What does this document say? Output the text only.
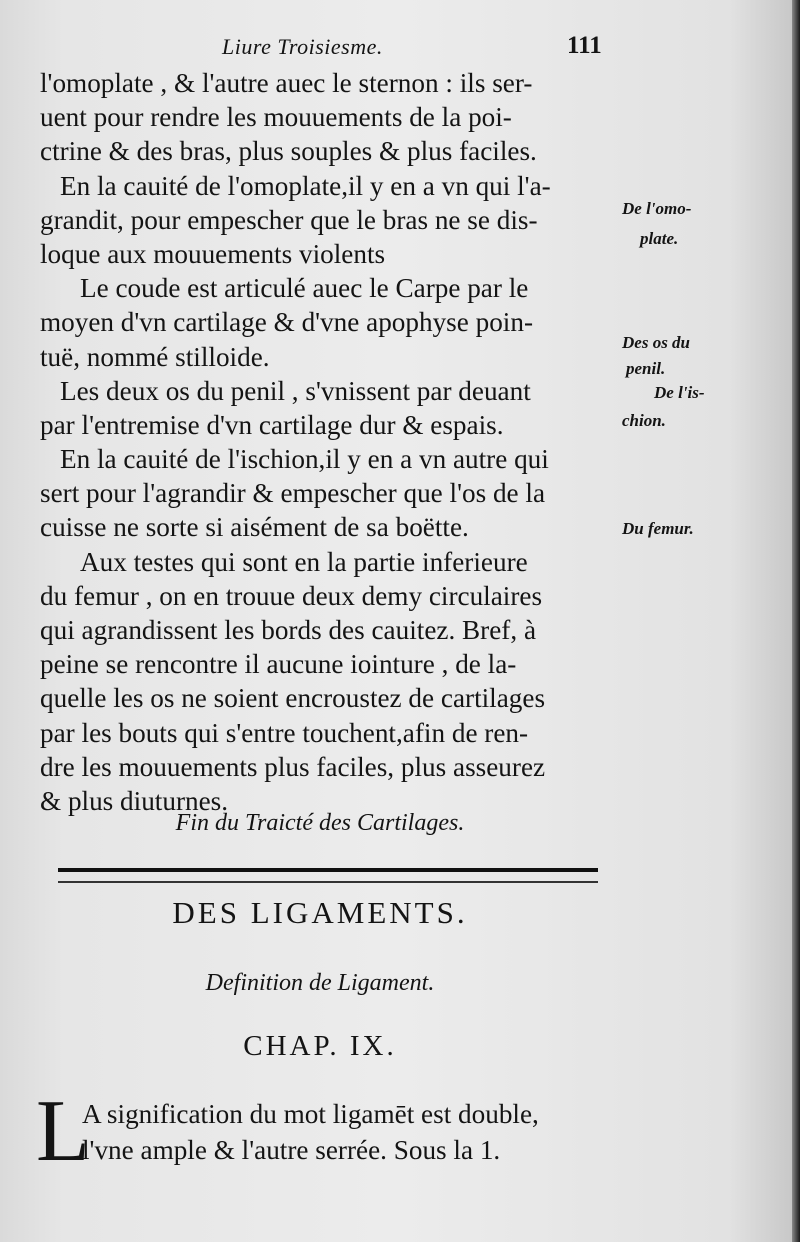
Liure Troisiesme.	111
l'omoplate , & l'autre auec le sternon : ils ser-
uent pour rendre les mouuements de la poi-
ctrine & des bras, plus souples & plus faciles.
En la cauité de l'omoplate,il y en a vn qui l'a-
grandit, pour empescher que le bras ne se dis-
loque aux mouuements violents
Le coude est articulé auec le Carpe par le
moyen d'vn cartilage & d'vne apophyse poin-
tuë, nommé stilloide.
Les deux os du penil , s'vnissent par deuant
par l'entremise d'vn cartilage dur & espais.
En la cauité de l'ischion,il y en a vn autre qui
sert pour l'agrandir & empescher que l'os de la
cuisse ne sorte si aisément de sa boëtte.
Aux testes qui sont en la partie inferieure
du femur , on en trouue deux demy circulaires
qui agrandissent les bords des cauitez. Bref, à
peine se rencontre il aucune iointure , de la-
quelle les os ne soient encroustez de cartilages
par les bouts qui s'entre touchent,afin de ren-
dre les mouuements plus faciles, plus asseurez
& plus diuturnes.
De l'omo-
plate.
Des os du
penil.
De l'is-
chion.
Du femur.
Fin du Traicté des Cartilages.
DES LIGAMENTS.
Definition de Ligament.
CHAP. IX.
L
A signification du mot ligamēt est double,
l'vne ample & l'autre serrée. Sous la 1.
